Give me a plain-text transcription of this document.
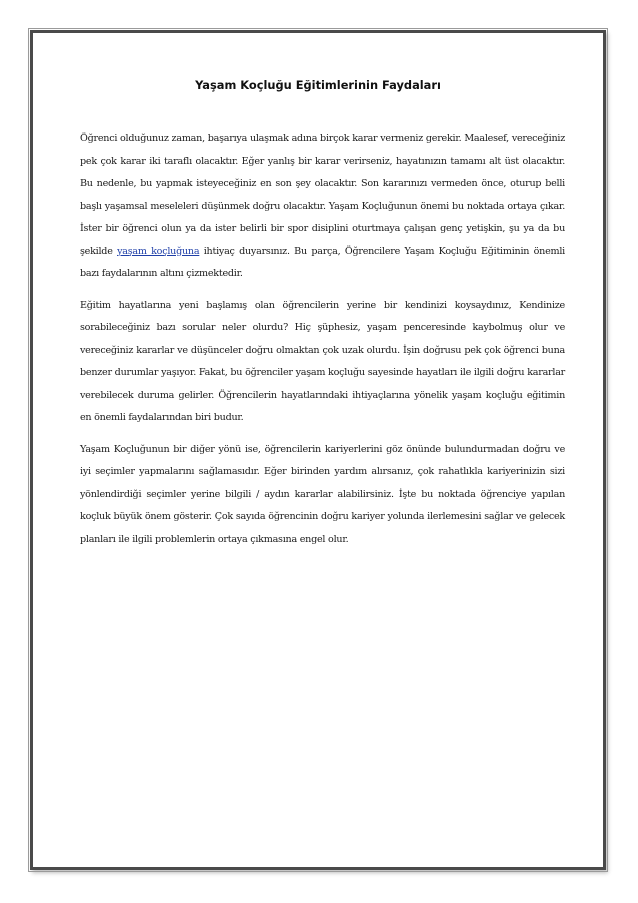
Yaşam Koçluğu Eğitimlerinin Faydaları

Öğrenci olduğunuz zaman, başarıya ulaşmak adına birçok karar vermeniz gerekir. Maalesef, vereceğiniz pek çok karar iki taraflı olacaktır. Eğer yanlış bir karar verirseniz, hayatınızın tamamı alt üst olacaktır. Bu nedenle, bu yapmak isteyeceğiniz en son şey olacaktır. Son kararınızı vermeden önce, oturup belli başlı yaşamsal meseleleri düşünmek doğru olacaktır. Yaşam Koçluğunun önemi bu noktada ortaya çıkar. İster bir öğrenci olun ya da ister belirli bir spor disiplini oturtmaya çalışan genç yetişkin, şu ya da bu şekilde yaşam koçluğuna ihtiyaç duyarsınız. Bu parça, Öğrencilere Yaşam Koçluğu Eğitiminin önemli bazı faydalarının altını çizmektedir.

Eğitim hayatlarına yeni başlamış olan öğrencilerin yerine bir kendinizi koysaydınız, Kendinize sorabileceğiniz bazı sorular neler olurdu? Hiç şüphesiz, yaşam penceresinde kaybolmuş olur ve vereceğiniz kararlar ve düşünceler doğru olmaktan çok uzak olurdu. İşin doğrusu pek çok öğrenci buna benzer durumlar yaşıyor. Fakat, bu öğrenciler yaşam koçluğu sayesinde hayatları ile ilgili doğru kararlar verebilecek duruma gelirler. Öğrencilerin hayatlarındaki ihtiyaçlarına yönelik yaşam koçluğu eğitimin en önemli faydalarından biri budur.

Yaşam Koçluğunun bir diğer yönü ise, öğrencilerin kariyerlerini göz önünde bulundurmadan doğru ve iyi seçimler yapmalarını sağlamasıdır. Eğer birinden yardım alırsanız, çok rahatlıkla kariyerinizin sizi yönlendirdiği seçimler yerine bilgili / aydın kararlar alabilirsiniz. İşte bu noktada öğrenciye yapılan koçluk büyük önem gösterir. Çok sayıda öğrencinin doğru kariyer yolunda ilerlemesini sağlar ve gelecek planları ile ilgili problemlerin ortaya çıkmasına engel olur.
